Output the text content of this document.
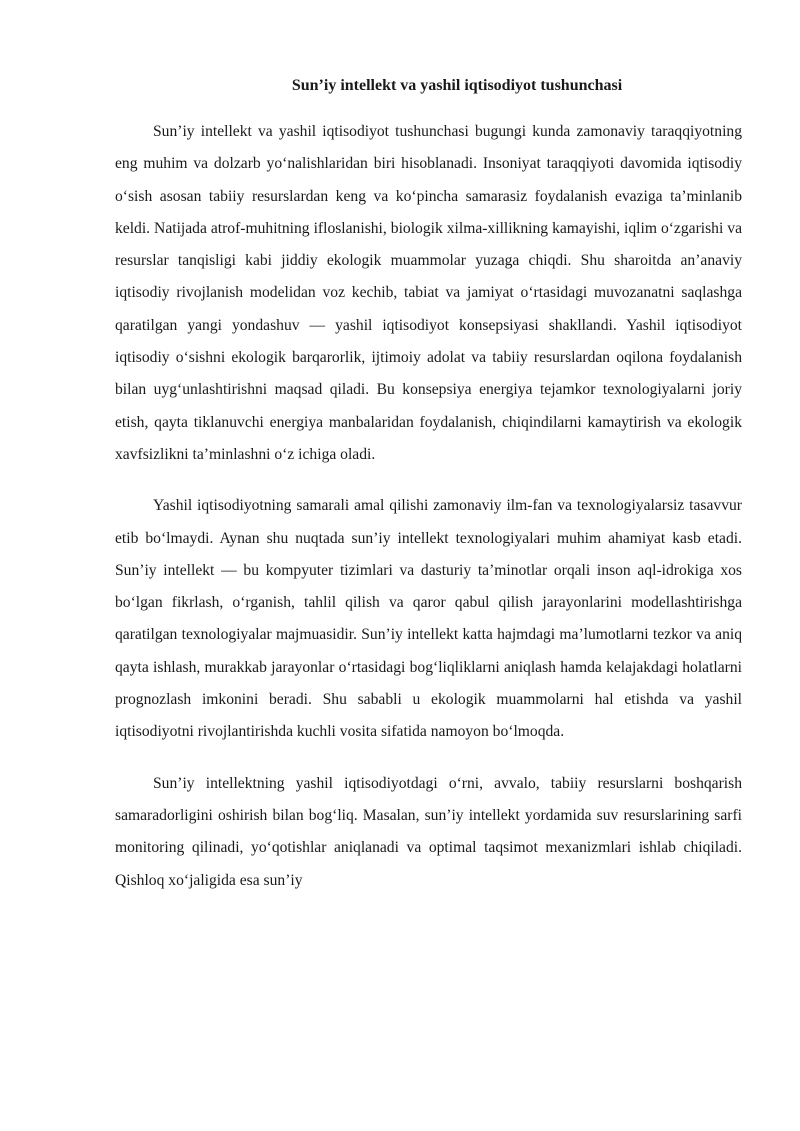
Sun’iy intellekt va yashil iqtisodiyot tushunchasi

Sun’iy intellekt va yashil iqtisodiyot tushunchasi bugungi kunda zamonaviy taraqqiyotning eng muhim va dolzarb yo‘nalishlaridan biri hisoblanadi. Insoniyat taraqqiyoti davomida iqtisodiy o‘sish asosan tabiiy resurslardan keng va ko‘pincha samarasiz foydalanish evaziga ta’minlanib keldi. Natijada atrof-muhitning ifloslanishi, biologik xilma-xillikning kamayishi, iqlim o‘zgarishi va resurslar tanqisligi kabi jiddiy ekologik muammolar yuzaga chiqdi. Shu sharoitda an’anaviy iqtisodiy rivojlanish modelidan voz kechib, tabiat va jamiyat o‘rtasidagi muvozanatni saqlashga qaratilgan yangi yondashuv — yashil iqtisodiyot konsepsiyasi shakllandi. Yashil iqtisodiyot iqtisodiy o‘sishni ekologik barqarorlik, ijtimoiy adolat va tabiiy resurslardan oqilona foydalanish bilan uyg‘unlashtirishni maqsad qiladi. Bu konsepsiya energiya tejamkor texnologiyalarni joriy etish, qayta tiklanuvchi energiya manbalaridan foydalanish, chiqindilarni kamaytirish va ekologik xavfsizlikni ta’minlashni o‘z ichiga oladi.

Yashil iqtisodiyotning samarali amal qilishi zamonaviy ilm-fan va texnologiyalarsiz tasavvur etib bo‘lmaydi. Aynan shu nuqtada sun’iy intellekt texnologiyalari muhim ahamiyat kasb etadi. Sun’iy intellekt — bu kompyuter tizimlari va dasturiy ta’minotlar orqali inson aql-idrokiga xos bo‘lgan fikrlash, o‘rganish, tahlil qilish va qaror qabul qilish jarayonlarini modellashtirishga qaratilgan texnologiyalar majmuasidir. Sun’iy intellekt katta hajmdagi ma’lumotlarni tezkor va aniq qayta ishlash, murakkab jarayonlar o‘rtasidagi bog‘liqliklarni aniqlash hamda kelajakdagi holatlarni prognozlash imkonini beradi. Shu sababli u ekologik muammolarni hal etishda va yashil iqtisodiyotni rivojlantirishda kuchli vosita sifatida namoyon bo‘lmoqda.

Sun’iy intellektning yashil iqtisodiyotdagi o‘rni, avvalo, tabiiy resurslarni boshqarish samaradorligini oshirish bilan bog‘liq. Masalan, sun’iy intellekt yordamida suv resurslarining sarfi monitoring qilinadi, yo‘qotishlar aniqlanadi va optimal taqsimot mexanizmlari ishlab chiqiladi. Qishloq xo‘jaligida esa sun’iy
